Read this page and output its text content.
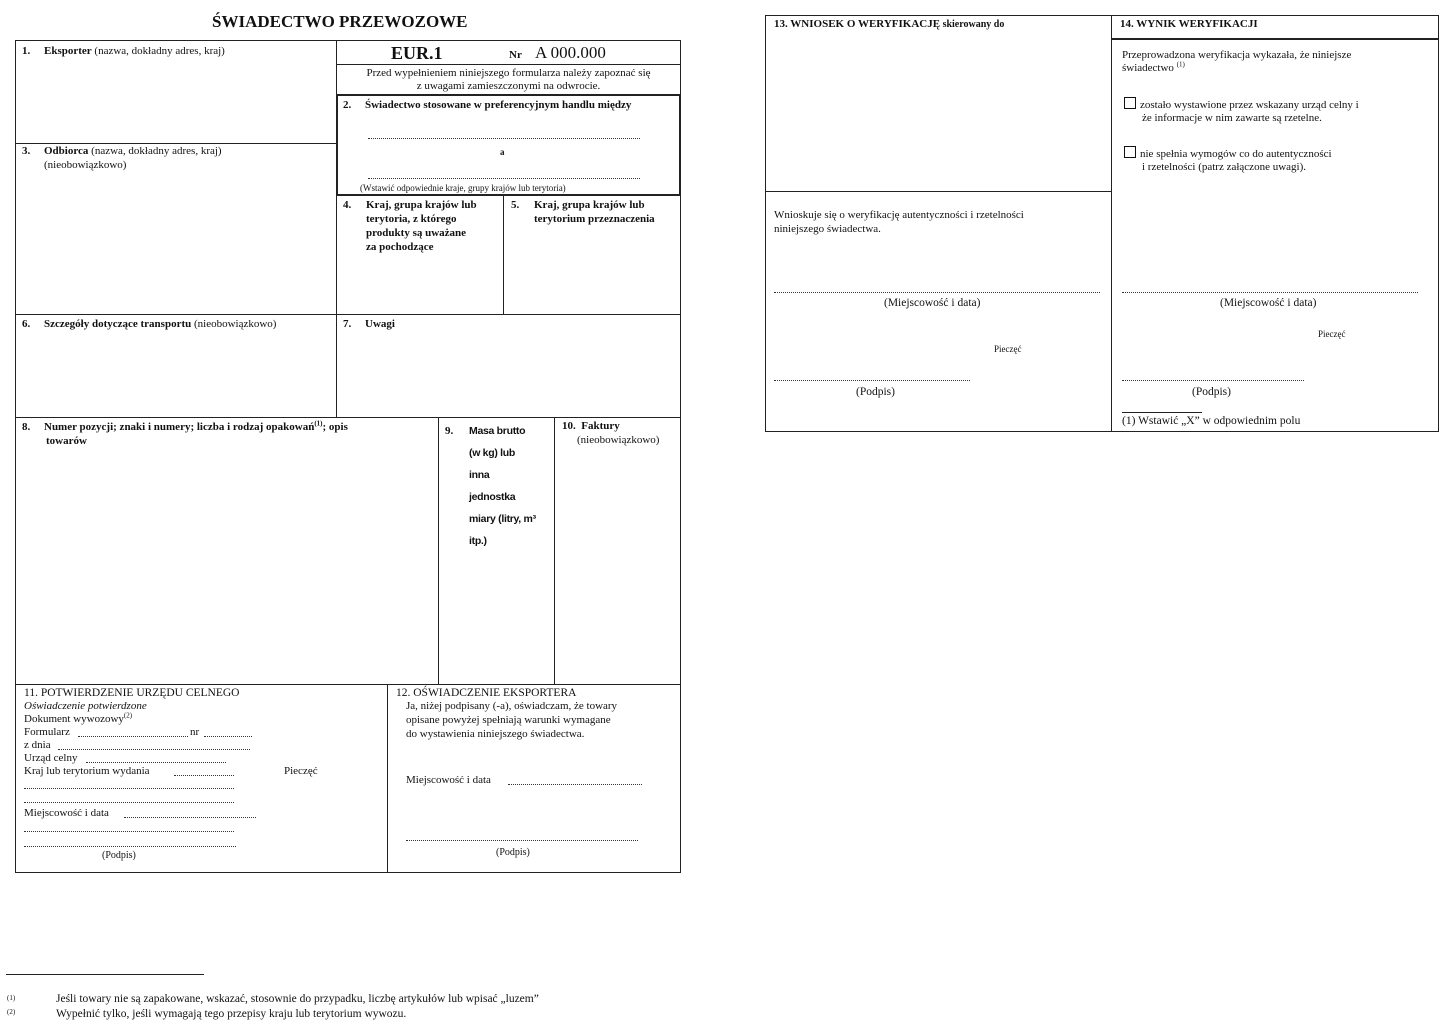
ŚWIADECTWO PRZEWOZOWE
1. Eksporter (nazwa, dokładny adres, kraj)	EUR.1	Nr A 000.000
Przed wypełnieniem niniejszego formularza należy zapoznać się
z uwagami zamieszczonymi na odwrocie.
2. Świadectwo stosowane w preferencyjnym handlu między
a
(Wstawić odpowiednie kraje, grupy krajów lub terytoria)
3. Odbiorca (nazwa, dokładny adres, kraj)
(nieobowiązkowo)
4. Kraj, grupa krajów lub
terytoria, z którego
produkty są uważane
za pochodzące
5. Kraj, grupa krajów lub
terytorium przeznaczenia
6. Szczegóły dotyczące transportu (nieobowiązkowo)	7. Uwagi
8. Numer pozycji; znaki i numery; liczba i rodzaj opakowań$^{(1)}$; opis
towarów
9. Masa brutto
(w kg) lub
inna
jednostka
miary (litry, m³
itp.)
10. Faktury
(nieobowiązkowo)
11. POTWIERDZENIE URZĘDU CELNEGO
Oświadczenie potwierdzone
Dokument wywozowy$^{(2)}$
Formularz	nr
z dnia
Urząd celny
Kraj lub terytorium wydania	Pieczęć
Miejscowość i data
(Podpis)
12. OŚWIADCZENIE EKSPORTERA
Ja, niżej podpisany (-a), oświadczam, że towary
opisane powyżej spełniają warunki wymagane
do wystawienia niniejszego świadectwa.
Miejscowość i data
(Podpis)
13. WNIOSEK O WERYFIKACJĘ skierowany do
Wnioskuje się o weryfikację autentyczności i rzetelności
niniejszego świadectwa.
(Miejscowość i data)
Pieczęć
(Podpis)
14. WYNIK WERYFIKACJI
Przeprowadzona weryfikacja wykazała, że niniejsze
świadectwo $^{(1)}$
zostało wystawione przez wskazany urząd celny i
że informacje w nim zawarte są rzetelne.
nie spełnia wymogów co do autentyczności
i rzetelności (patrz załączone uwagi).
(Miejscowość i data)
Pieczęć
(Podpis)
(1) Wstawić „X” w odpowiednim polu
(1)	Jeśli towary nie są zapakowane, wskazać, stosownie do przypadku, liczbę artykułów lub wpisać „luzem”
(2)	Wypełnić tylko, jeśli wymagają tego przepisy kraju lub terytorium wywozu.
